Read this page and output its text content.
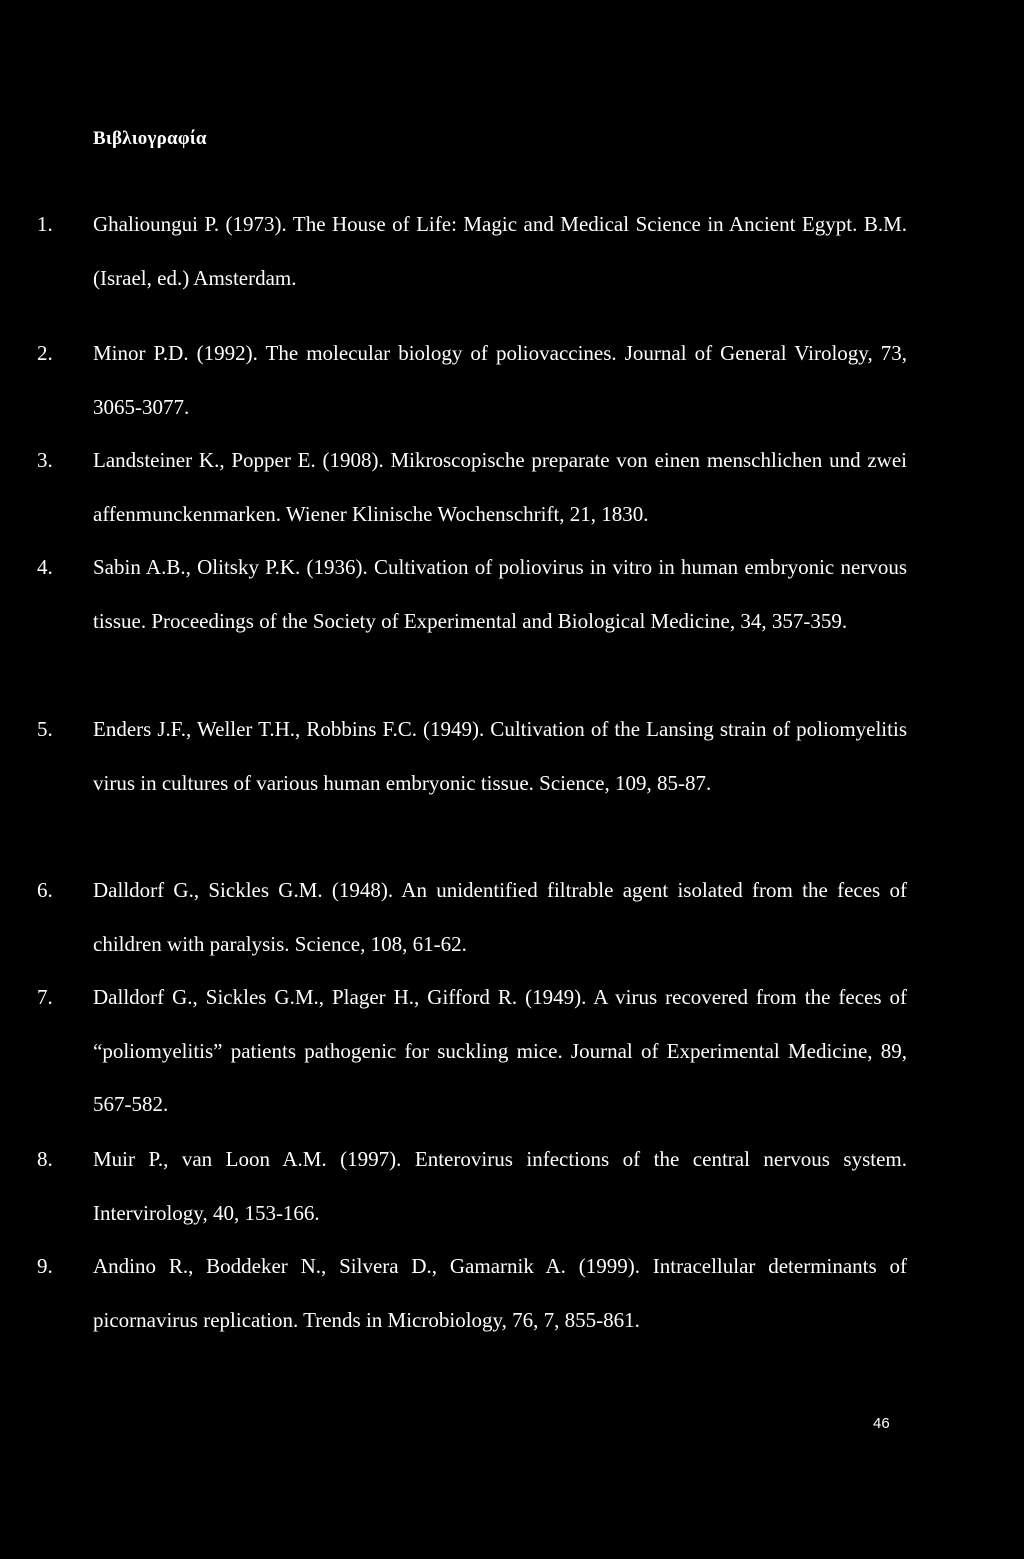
Βιβλιογραφία
1. Ghalioungui P. (1973). The House of Life: Magic and Medical Science in Ancient Egypt. B.M. (Israel, ed.) Amsterdam.
2. Minor P.D. (1992). The molecular biology of poliovaccines. Journal of General Virology, 73, 3065-3077.
3. Landsteiner K., Popper E. (1908). Mikroscopische preparate von einen menschlichen und zwei affenmunckenmarken. Wiener Klinische Wochenschrift, 21, 1830.
4. Sabin A.B., Olitsky P.K. (1936). Cultivation of poliovirus in vitro in human embryonic nervous tissue. Proceedings of the Society of Experimental and Biological Medicine, 34, 357-359.
5. Enders J.F., Weller T.H., Robbins F.C. (1949). Cultivation of the Lansing strain of poliomyelitis virus in cultures of various human embryonic tissue. Science, 109, 85-87.
6. Dalldorf G., Sickles G.M. (1948). An unidentified filtrable agent isolated from the feces of children with paralysis. Science, 108, 61-62.
7. Dalldorf G., Sickles G.M., Plager H., Gifford R. (1949). A virus recovered from the feces of “poliomyelitis” patients pathogenic for suckling mice. Journal of Experimental Medicine, 89, 567-582.
8. Muir P., van Loon A.M. (1997). Enterovirus infections of the central nervous system. Intervirology, 40, 153-166.
9. Andino R., Boddeker N., Silvera D., Gamarnik A. (1999). Intracellular determinants of picornavirus replication. Trends in Microbiology, 76, 7, 855-861.
46
